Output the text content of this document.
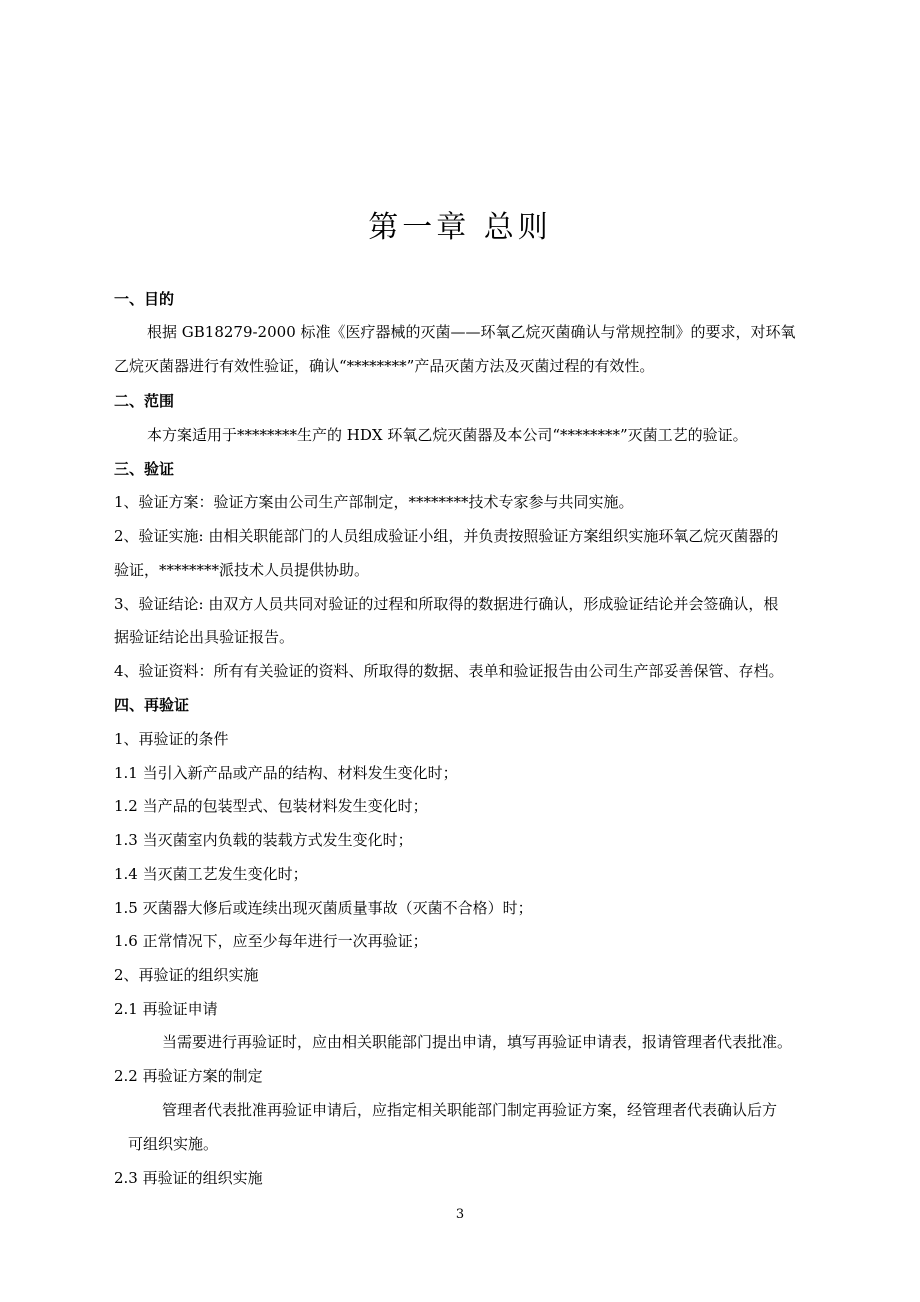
第一章 总则
一、目的
根据 GB18279-2000 标准《医疗器械的灭菌——环氧乙烷灭菌确认与常规控制》的要求，对环氧
乙烷灭菌器进行有效性验证，确认“********”产品灭菌方法及灭菌过程的有效性。
二、范围
本方案适用于********生产的 HDX 环氧乙烷灭菌器及本公司“********”灭菌工艺的验证。
三、验证
1、验证方案：验证方案由公司生产部制定，********技术专家参与共同实施。
2、验证实施: 由相关职能部门的人员组成验证小组，并负责按照验证方案组织实施环氧乙烷灭菌器的
验证，********派技术人员提供协助。
3、验证结论: 由双方人员共同对验证的过程和所取得的数据进行确认，形成验证结论并会签确认，根
据验证结论出具验证报告。
4、验证资料：所有有关验证的资料、所取得的数据、表单和验证报告由公司生产部妥善保管、存档。
四、再验证
1、再验证的条件
1.1 当引入新产品或产品的结构、材料发生变化时；
1.2 当产品的包装型式、包装材料发生变化时；
1.3 当灭菌室内负载的装载方式发生变化时；
1.4 当灭菌工艺发生变化时；
1.5 灭菌器大修后或连续出现灭菌质量事故（灭菌不合格）时；
1.6 正常情况下，应至少每年进行一次再验证；
2、再验证的组织实施
2.1 再验证申请
当需要进行再验证时，应由相关职能部门提出申请，填写再验证申请表，报请管理者代表批准。
2.2 再验证方案的制定
管理者代表批准再验证申请后，应指定相关职能部门制定再验证方案，经管理者代表确认后方
可组织实施。
2.3 再验证的组织实施
3
